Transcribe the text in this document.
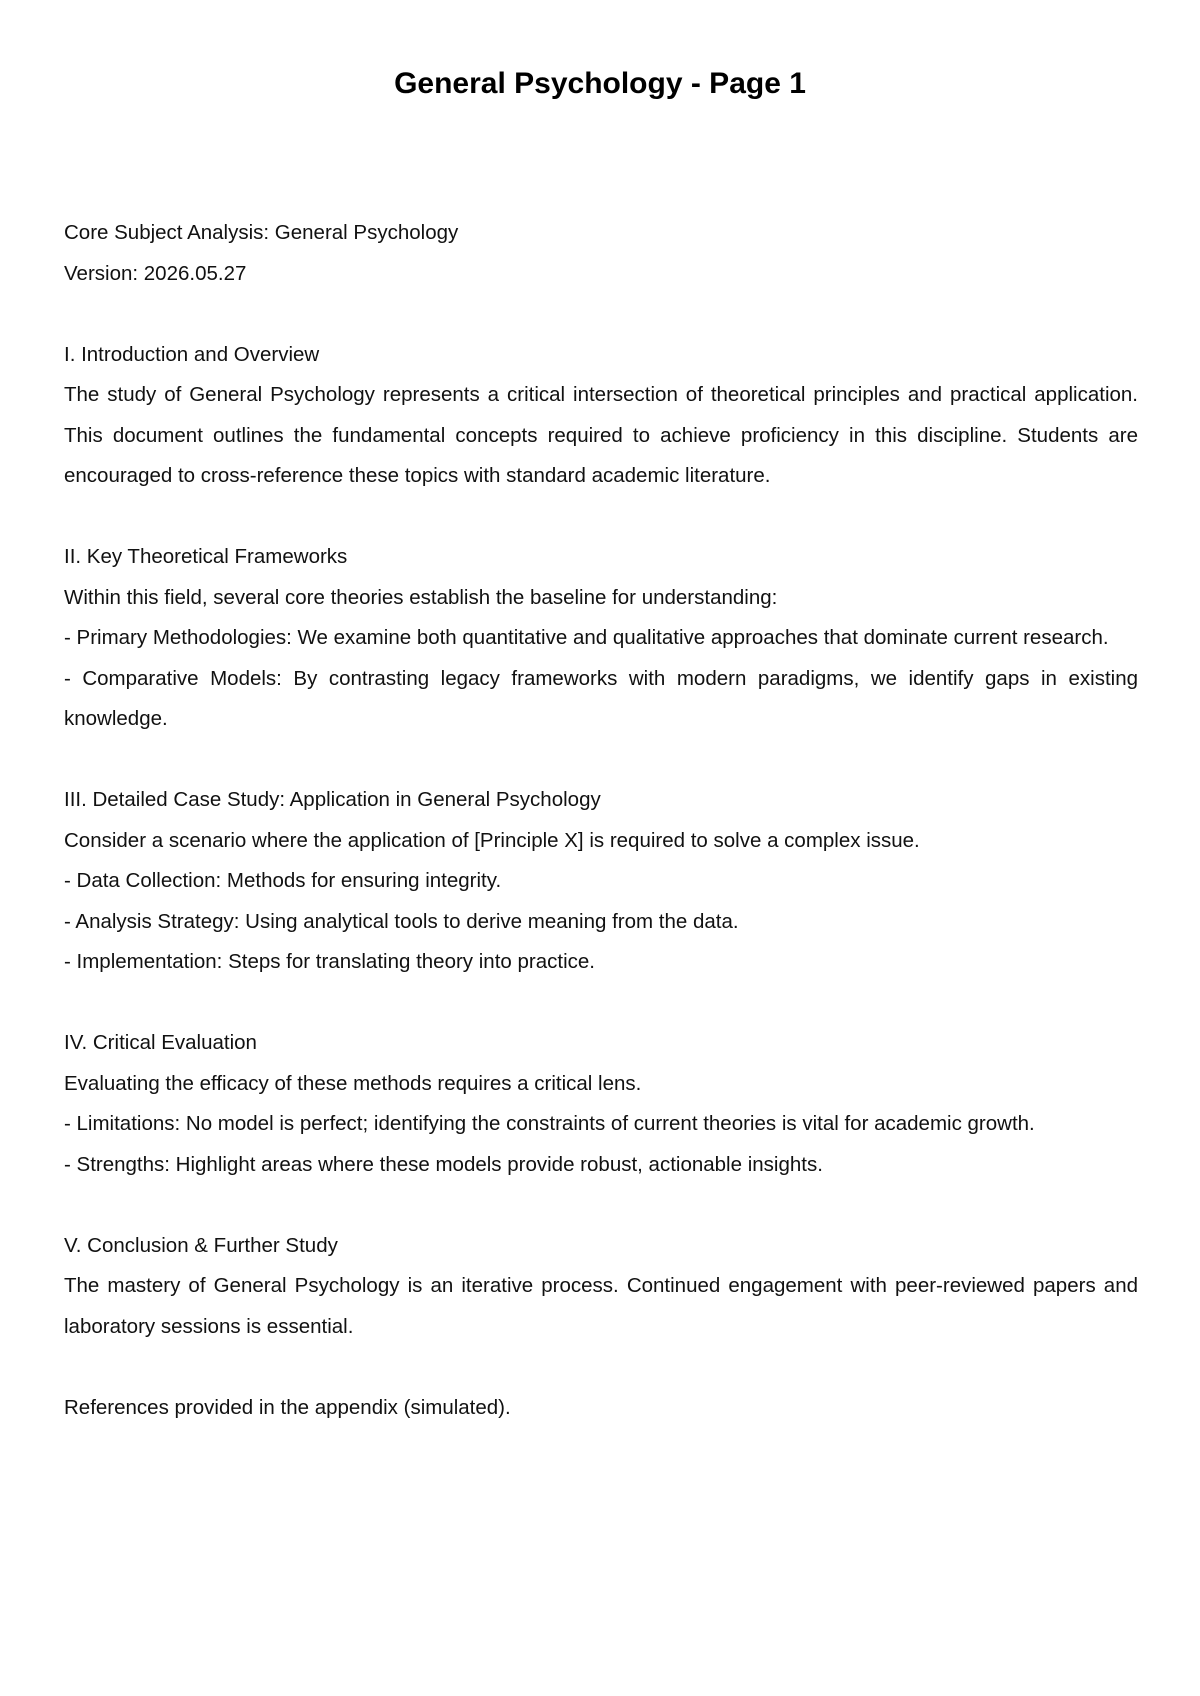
General Psychology - Page 1

Core Subject Analysis: General Psychology

Version: 2026.05.27

I. Introduction and Overview

The study of General Psychology represents a critical intersection of theoretical principles and practical application. This document outlines the fundamental concepts required to achieve proficiency in this discipline. Students are encouraged to cross-reference these topics with standard academic literature.

II. Key Theoretical Frameworks

Within this field, several core theories establish the baseline for understanding:

- Primary Methodologies: We examine both quantitative and qualitative approaches that dominate current research.

- Comparative Models: By contrasting legacy frameworks with modern paradigms, we identify gaps in existing knowledge.

III. Detailed Case Study: Application in General Psychology

Consider a scenario where the application of [Principle X] is required to solve a complex issue.

- Data Collection: Methods for ensuring integrity.

- Analysis Strategy: Using analytical tools to derive meaning from the data.

- Implementation: Steps for translating theory into practice.

IV. Critical Evaluation

Evaluating the efficacy of these methods requires a critical lens.

- Limitations: No model is perfect; identifying the constraints of current theories is vital for academic growth.

- Strengths: Highlight areas where these models provide robust, actionable insights.

V. Conclusion & Further Study

The mastery of General Psychology is an iterative process. Continued engagement with peer-reviewed papers and laboratory sessions is essential.

References provided in the appendix (simulated).
